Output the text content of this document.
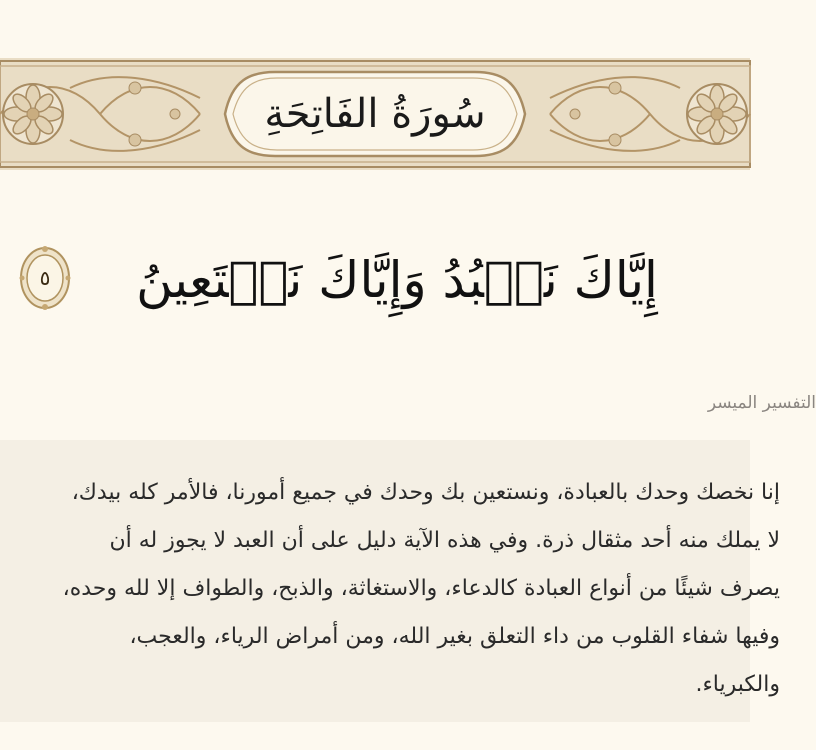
سُورَةُ الفَاتِحَةِ
إِيَّاكَ نَعۡبُدُ وَإِيَّاكَ نَسۡتَعِينُ
٥
التفسير الميسر
إنا نخصك وحدك بالعبادة، ونستعين بك وحدك في جميع أمورنا، فالأمر كله بيدك،
لا يملك منه أحد مثقال ذرة. وفي هذه الآية دليل على أن العبد لا يجوز له أن
يصرف شيئًا من أنواع العبادة كالدعاء، والاستغاثة، والذبح، والطواف إلا لله وحده،
وفيها شفاء القلوب من داء التعلق بغير الله، ومن أمراض الرياء، والعجب،
والكبرياء.
